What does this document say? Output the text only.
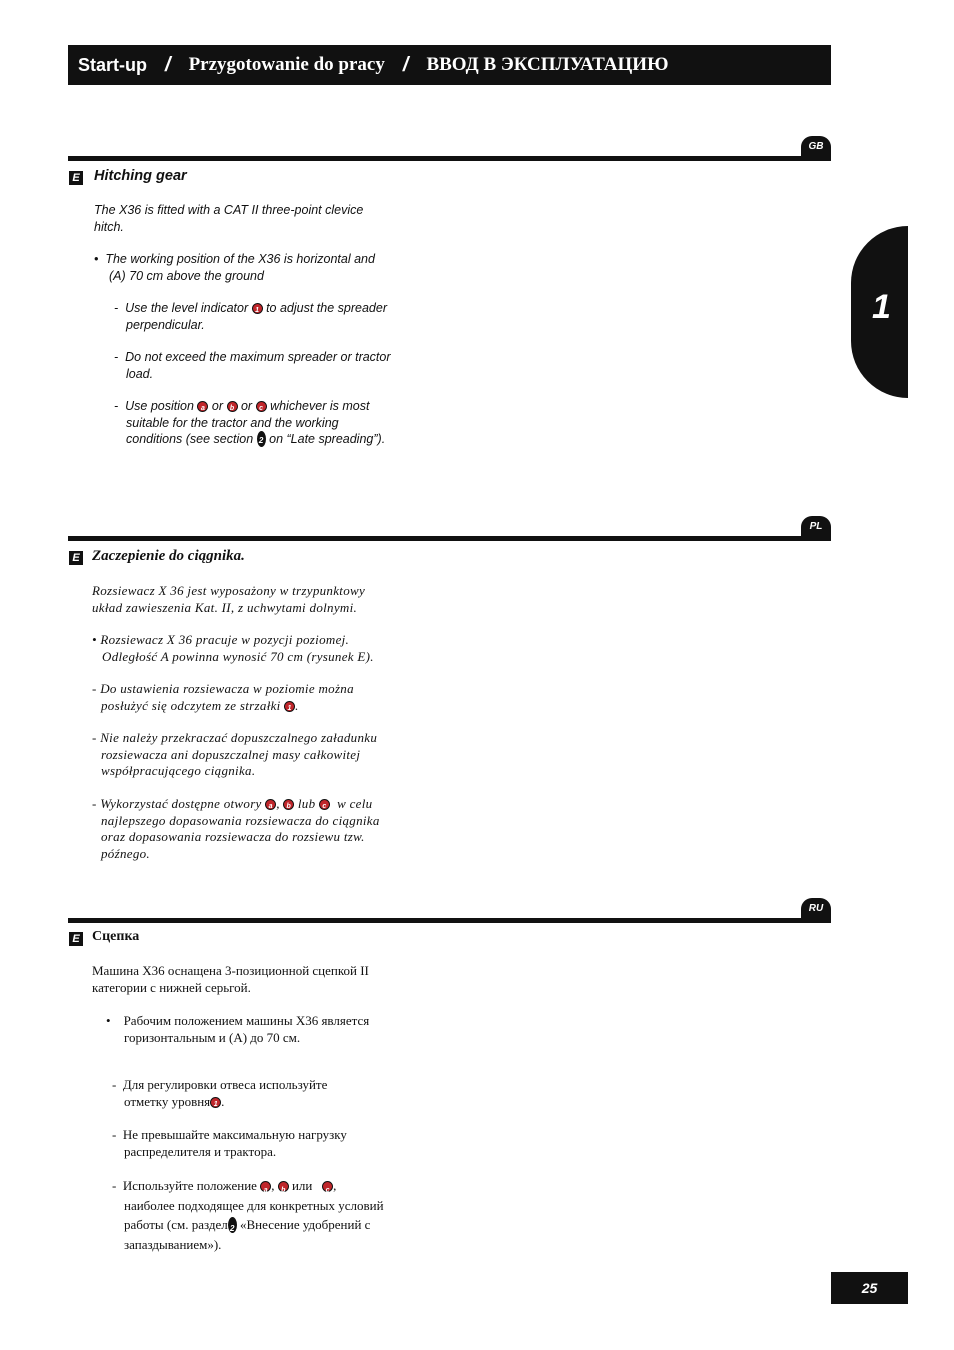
Start-up / Przygotowanie do pracy / ВВОД В ЭКСПЛУАТАЦИЮ
1
GB
E Hitching gear
The X36 is fitted with a CAT II three-point clevice
hitch.
• The working position of the X36 is horizontal and
(A) 70 cm above the ground
- Use the level indicator 1 to adjust the spreader
perpendicular.
- Do not exceed the maximum spreader or tractor
load.
- Use position a or b or c whichever is most
suitable for the tractor and the working
conditions (see section 2 on “Late spreading”).
PL
E Zaczepienie do ciągnika.
Rozsiewacz X 36 jest wyposażony w trzypunktowy
układ zawieszenia Kat. II, z uchwytami dolnymi.
• Rozsiewacz X 36 pracuje w pozycji poziomej.
Odległość A powinna wynosić 70 cm (rysunek E).
- Do ustawienia rozsiewacza w poziomie można
posłużyć się odczytem ze strzałki 1 .
- Nie należy przekraczać dopuszczalnego załadunku
rozsiewacza ani dopuszczalnej masy całkowitej
współpracującego ciągnika.
- Wykorzystać dostępne otwory a , b lub c w celu
najlepszego dopasowania rozsiewacza do ciągnika
oraz dopasowania rozsiewacza do rozsiewu tzw.
późnego.
RU
E Сцепка
Машина X36 оснащена 3-позиционной сцепкой II
категории с нижней серьгой.
• Рабочим положением машины X36 является
горизонтальным и (А) до 70 см.
- Для регулировки отвеса используйте
отметку уровня 1 .
- Не превышайте максимальную нагрузку
распределителя и трактора.
- Используйте положение a , b или c ,
наиболее подходящее для конкретных условий
работы (см. раздел 2 «Внесение удобрений с
запаздыванием»).
25
